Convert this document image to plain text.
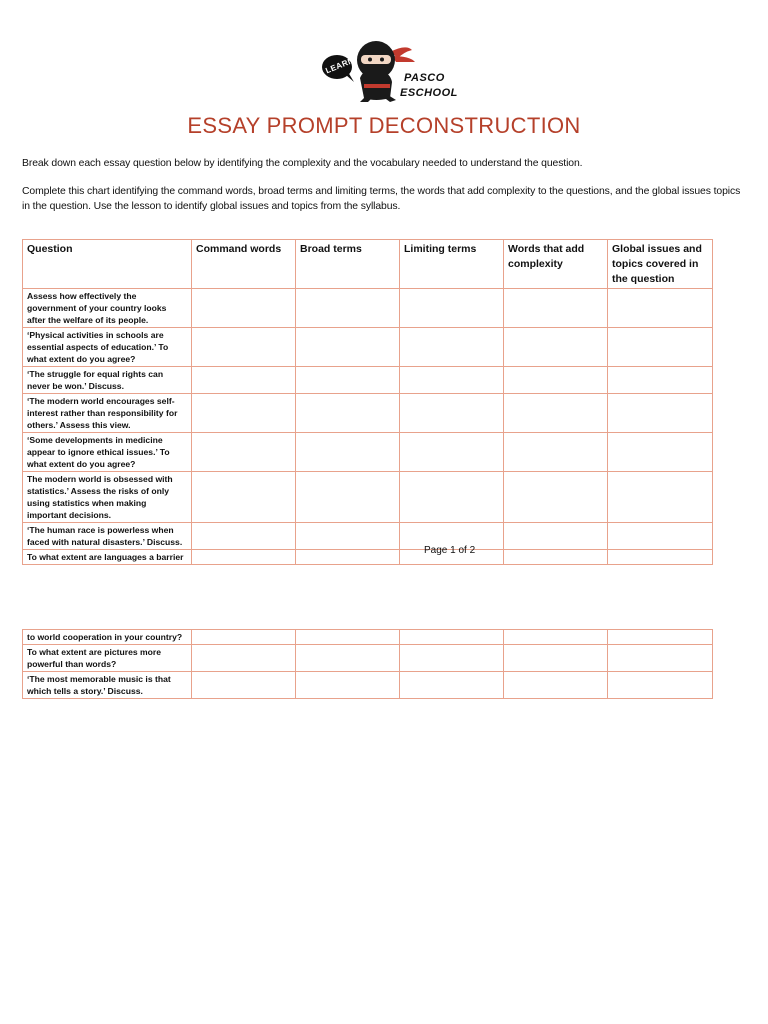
LEARN
PASCO
ESCHOOL
ESSAY PROMPT DECONSTRUCTION
Break down each essay question below by identifying the complexity and the vocabulary needed to understand the question.
Complete this chart identifying the command words, broad terms and limiting terms, the words that add complexity to the questions, and the global issues topics in the question. Use the lesson to identify global issues and topics from the syllabus.
Question	Command words	Broad terms	Limiting terms	Words that add complexity	Global issues and topics covered in the question
Assess how effectively the government of your country looks after the welfare of its people.					
‘Physical activities in schools are essential aspects of education.’ To what extent do you agree?					
‘The struggle for equal rights can never be won.’ Discuss.					
‘The modern world encourages self-interest rather than responsibility for others.’ Assess this view.					
‘Some developments in medicine appear to ignore ethical issues.’ To what extent do you agree?					
The modern world is obsessed with statistics.’ Assess the risks of only using statistics when making important decisions.					
‘The human race is powerless when faced with natural disasters.’ Discuss.					
To what extent are languages a barrier					
Page 1 of 2
to world cooperation in your country?					
To what extent are pictures more powerful than words?					
‘The most memorable music is that which tells a story.’ Discuss.					
